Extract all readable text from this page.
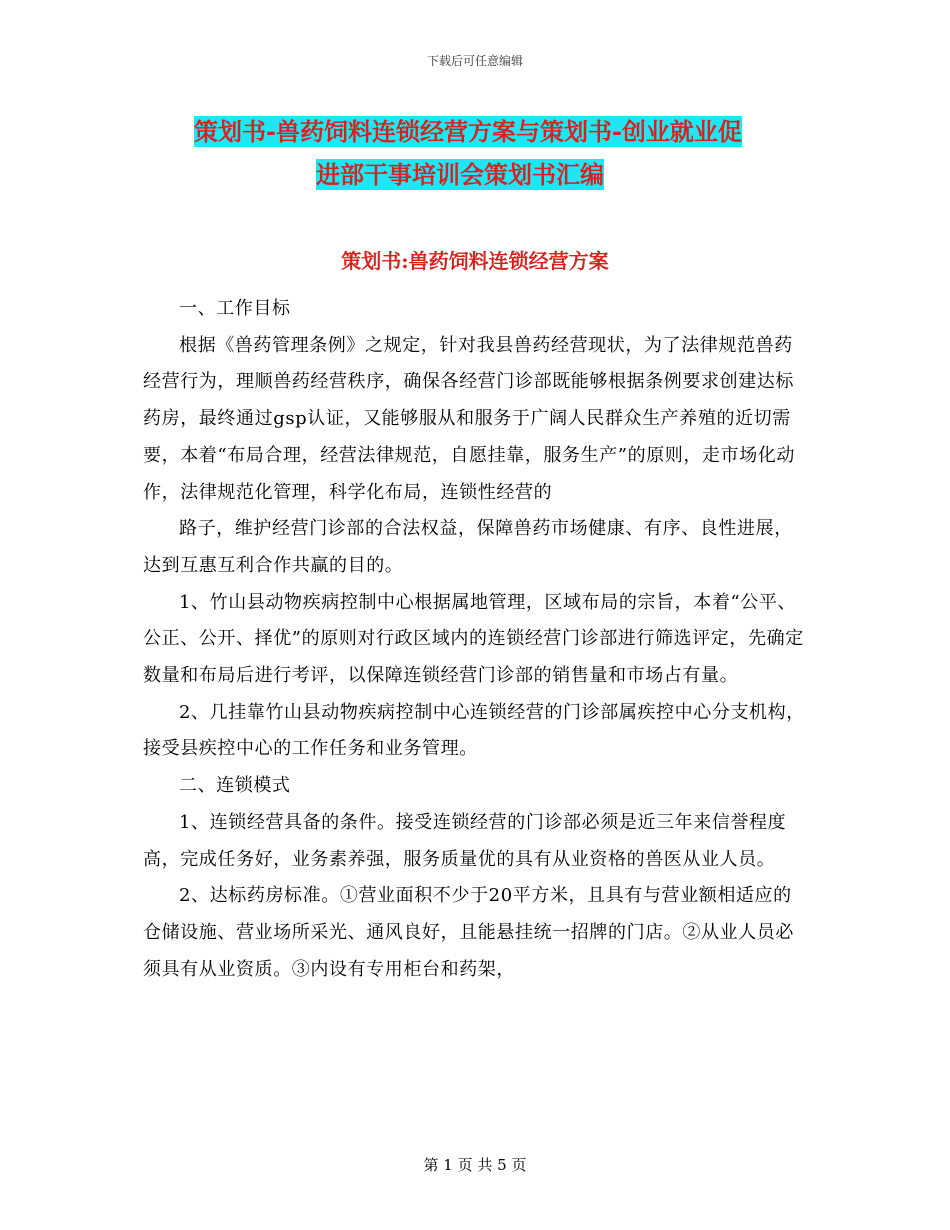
下载后可任意编辑
策划书-兽药饲料连锁经营方案与策划书-创业就业促
进部干事培训会策划书汇编
策划书:兽药饲料连锁经营方案

一、工作目标

根据《兽药管理条例》之规定，针对我县兽药经营现状，为了法律规范兽药经营行为，理顺兽药经营秩序，确保各经营门诊部既能够根据条例要求创建达标药房，最终通过gsp认证，又能够服从和服务于广阔人民群众生产养殖的近切需要，本着“布局合理，经营法律规范，自愿挂靠，服务生产”的原则，走市场化动作，法律规范化管理，科学化布局，连锁性经营的

路子，维护经营门诊部的合法权益，保障兽药市场健康、有序、良性进展，达到互惠互利合作共赢的目的。

1、竹山县动物疾病控制中心根据属地管理，区域布局的宗旨，本着“公平、公正、公开、择优”的原则对行政区域内的连锁经营门诊部进行筛选评定，先确定数量和布局后进行考评，以保障连锁经营门诊部的销售量和市场占有量。

2、几挂靠竹山县动物疾病控制中心连锁经营的门诊部属疾控中心分支机构，接受县疾控中心的工作任务和业务管理。

二、连锁模式

1、连锁经营具备的条件。接受连锁经营的门诊部必须是近三年来信誉程度高，完成任务好，业务素养强，服务质量优的具有从业资格的兽医从业人员。

2、达标药房标准。①营业面积不少于20平方米，且具有与营业额相适应的仓储设施、营业场所采光、通风良好，且能悬挂统一招牌的门店。②从业人员必须具有从业资质。③内设有专用柜台和药架，

第 1 页 共 5 页
